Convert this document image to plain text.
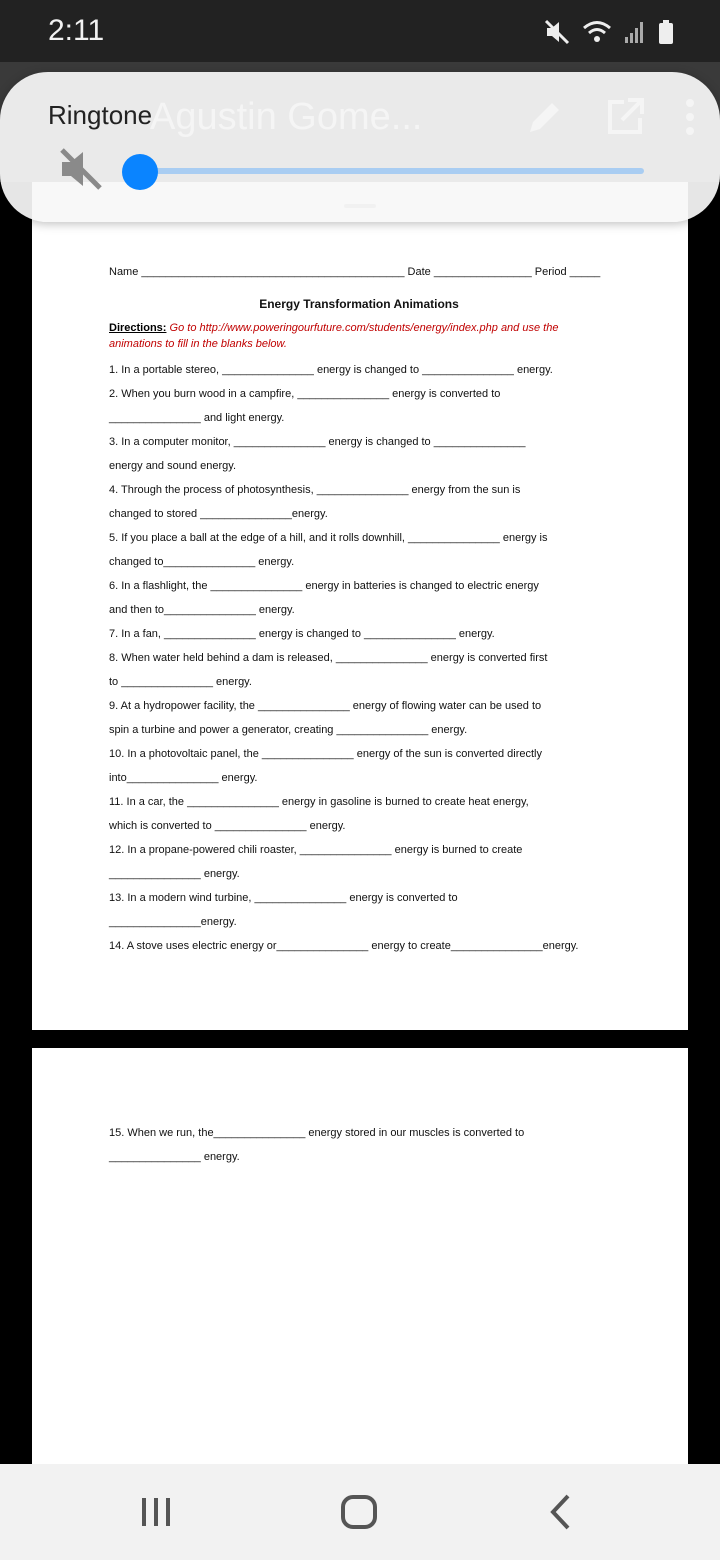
2:11
Name ___________________________________________ Date ________________ Period _____
Energy Transformation Animations
Directions: Go to http://www.poweringourfuture.com/students/energy/index.php and use the animations to fill in the blanks below.
1. In a portable stereo, _______________ energy is changed to _______________ energy.
2. When you burn wood in a campfire, _______________ energy is converted to
_______________ and light energy.
3. In a computer monitor, _______________ energy is changed to _______________
energy and sound energy.
4. Through the process of photosynthesis, _______________ energy from the sun is
changed to stored _______________energy.
5. If you place a ball at the edge of a hill, and it rolls downhill, _______________ energy is
changed to_______________ energy.
6. In a flashlight, the _______________ energy in batteries is changed to electric energy
and then to_______________ energy.
7. In a fan, _______________ energy is changed to _______________ energy.
8. When water held behind a dam is released, _______________ energy is converted first
to _______________ energy.
9. At a hydropower facility, the _______________ energy of flowing water can be used to
spin a turbine and power a generator, creating _______________ energy.
10. In a photovoltaic panel, the _______________ energy of the sun is converted directly
into_______________ energy.
11. In a car, the _______________ energy in gasoline is burned to create heat energy,
which is converted to _______________ energy.
12. In a propane-powered chili roaster, _______________ energy is burned to create
_______________ energy.
13. In a modern wind turbine, _______________ energy is converted to
_______________energy.
14. A stove uses electric energy or_______________ energy to create_______________energy.
15. When we run, the_______________ energy stored in our muscles is converted to
_______________ energy.
Ringtone
